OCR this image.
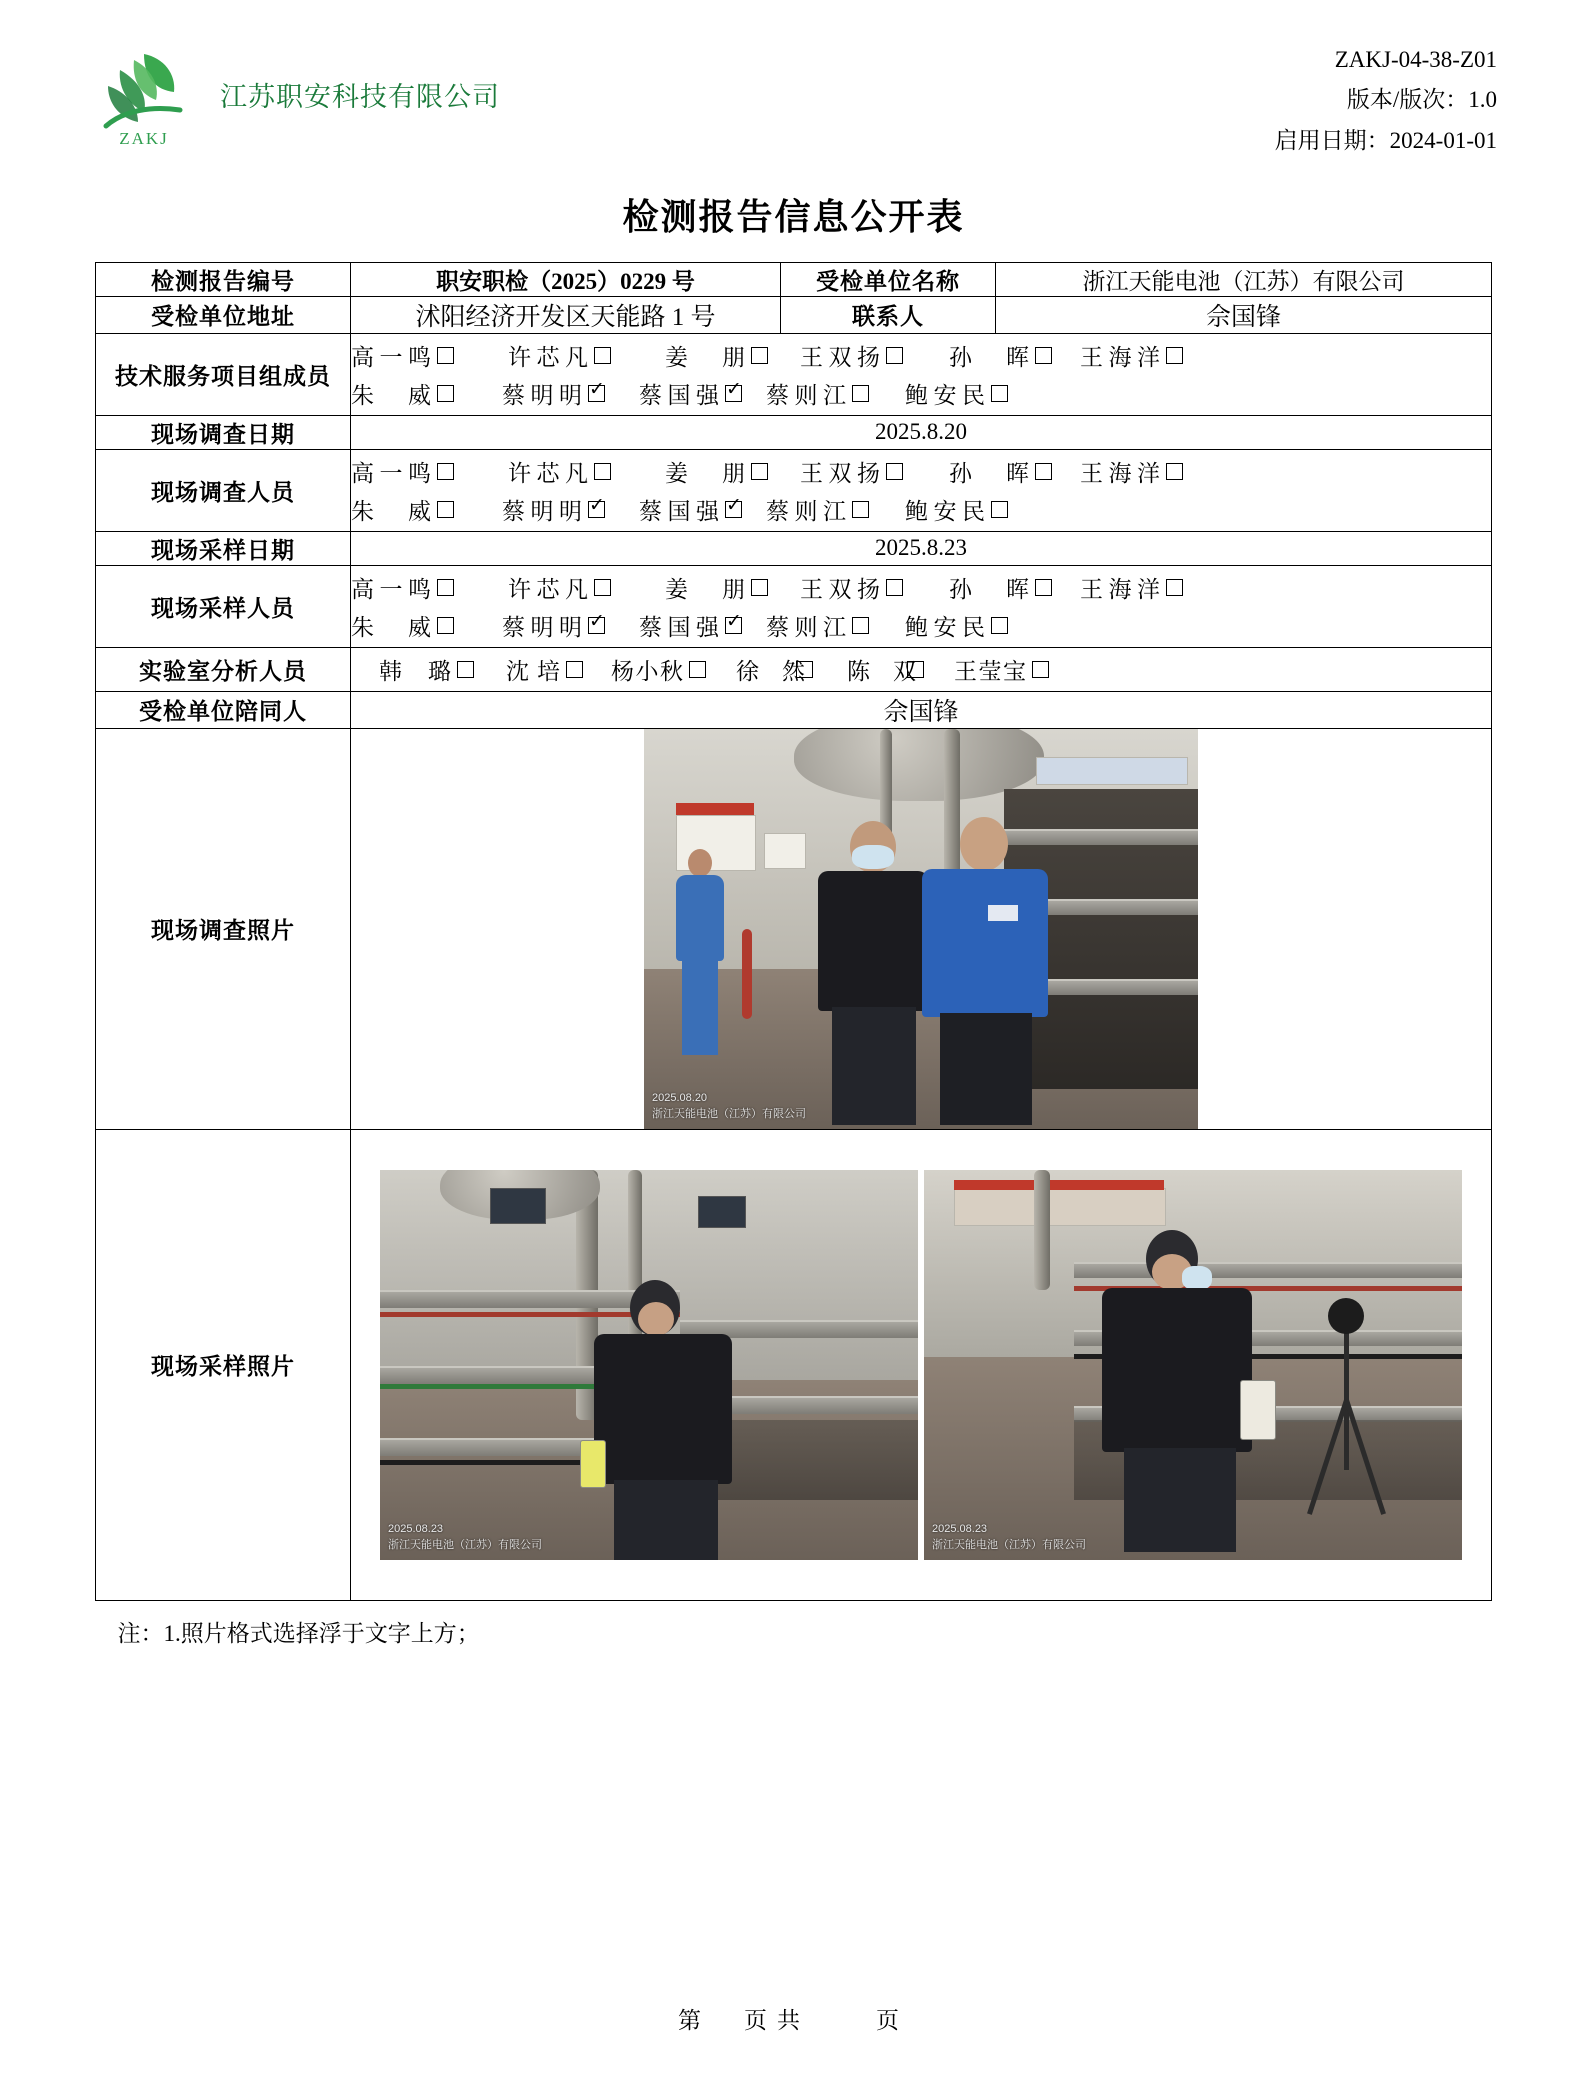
ZAKJ
江苏职安科技有限公司
ZAKJ-04-38-Z01
版本/版次：1.0
启用日期：2024-01-01
检测报告信息公开表
检测报告编号	职安职检（2025）0229 号	受检单位名称	浙江天能电池（江苏）有限公司
受检单位地址	沭阳经济开发区天能路 1 号	联系人	佘国锋
技术服务项目组成员	
高一鸣	许芯凡	姜　朋 王双扬	孙　晖 王海洋
朱　威	蔡明明 ✓ 蔡国强 ✓ 蔡则江	鲍安民

现场调查日期	2025.8.20		
现场调查人员	
高一鸣	许芯凡	姜　朋 王双扬	孙　晖 王海洋
朱　威	蔡明明 ✓ 蔡国强 ✓ 蔡则江	鲍安民

现场采样日期	2025.8.23		
现场采样人员	
高一鸣	许芯凡	姜　朋 王双扬	孙　晖 王海洋
朱　威	蔡明明 ✓ 蔡国强 ✓ 蔡则江	鲍安民

实验室分析人员	韩　璐 沈培 杨小秋 徐　然 陈　双 王莹宝

受检单位陪同人	佘国锋		
现场调查照片	2025.08.20
浙江天能电池（江苏）有限公司		

现场采样照片	2025.08.23
浙江天能电池（江苏）有限公司
2025.08.23
浙江天能电池（江苏）有限公司		
注：1.照片格式选择浮于文字上方；
第　页共　　页
